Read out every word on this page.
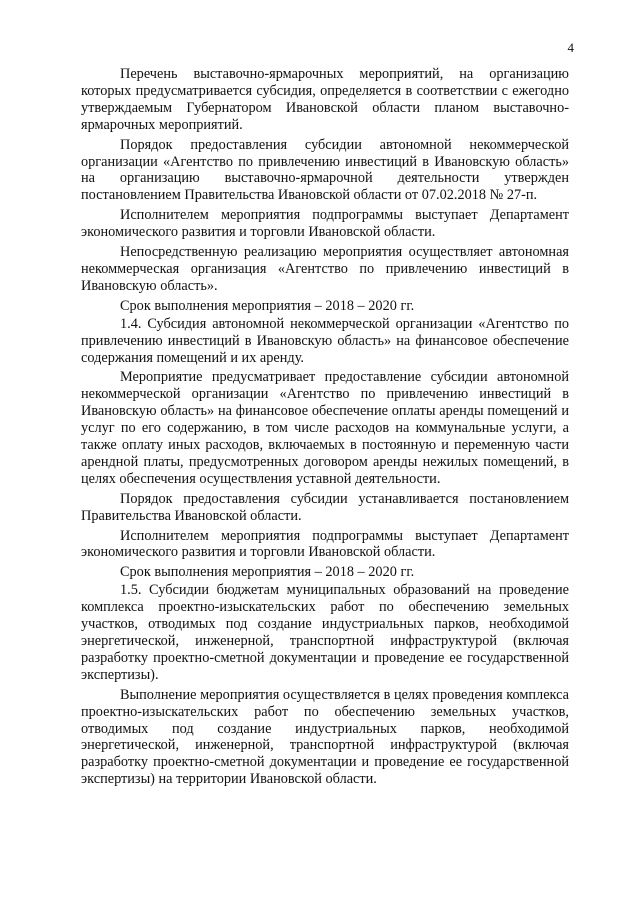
4

Перечень выставочно-ярмарочных мероприятий, на организацию которых предусматривается субсидия, определяется в соответствии с ежегодно утверждаемым Губернатором Ивановской области планом выставочно-ярмарочных мероприятий.

Порядок предоставления субсидии автономной некоммерческой организации «Агентство по привлечению инвестиций в Ивановскую область» на организацию выставочно-ярмарочной деятельности утвержден постановлением Правительства Ивановской области от 07.02.2018 № 27-п.

Исполнителем мероприятия подпрограммы выступает Департамент экономического развития и торговли Ивановской области.

Непосредственную реализацию мероприятия осуществляет автономная некоммерческая организация «Агентство по привлечению инвестиций в Ивановскую область».

Срок выполнения мероприятия – 2018 – 2020 гг.

1.4. Субсидия автономной некоммерческой организации «Агентство по привлечению инвестиций в Ивановскую область» на финансовое обеспечение содержания помещений и их аренду.

Мероприятие предусматривает предоставление субсидии автономной некоммерческой организации «Агентство по привлечению инвестиций в Ивановскую область» на финансовое обеспечение оплаты аренды помещений и услуг по его содержанию, в том числе расходов на коммунальные услуги, а также оплату иных расходов, включаемых в постоянную и переменную части арендной платы, предусмотренных договором аренды нежилых помещений, в целях обеспечения осуществления уставной деятельности.

Порядок предоставления субсидии устанавливается постановлением Правительства Ивановской области.

Исполнителем мероприятия подпрограммы выступает Департамент экономического развития и торговли Ивановской области.

Срок выполнения мероприятия – 2018 – 2020 гг.

1.5. Субсидии бюджетам муниципальных образований на проведение комплекса проектно-изыскательских работ по обеспечению земельных участков, отводимых под создание индустриальных парков, необходимой энергетической, инженерной, транспортной инфраструктурой (включая разработку проектно-сметной документации и проведение ее государственной экспертизы).

Выполнение мероприятия осуществляется в целях проведения комплекса проектно-изыскательских работ по обеспечению земельных участков, отводимых под создание индустриальных парков, необходимой энергетической, инженерной, транспортной инфраструктурой (включая разработку проектно-сметной документации и проведение ее государственной экспертизы) на территории Ивановской области.
